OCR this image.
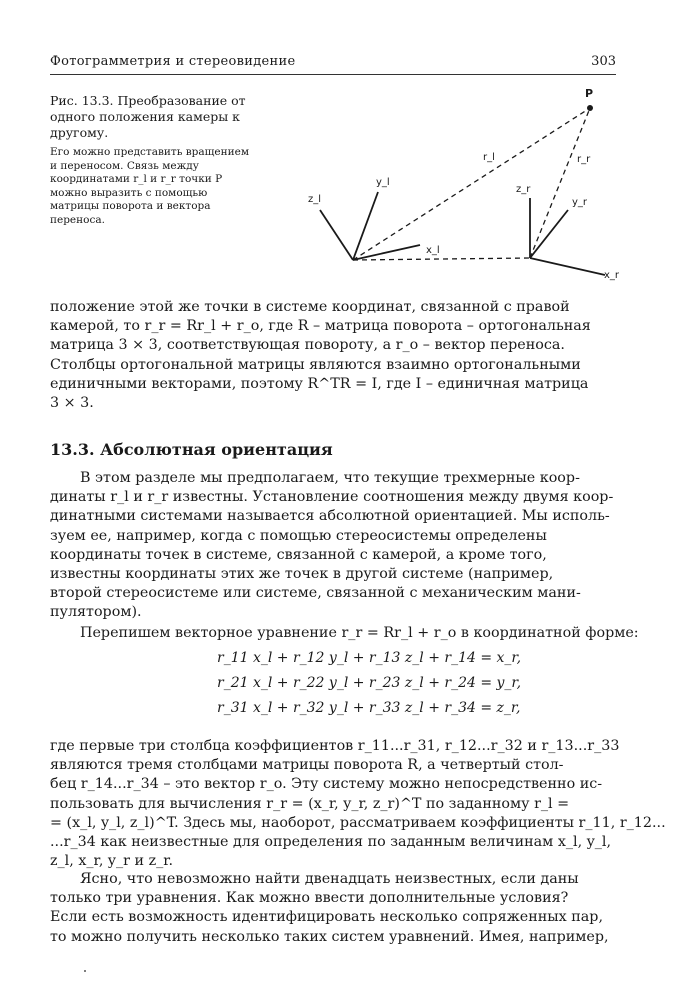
Фотограмметрия и стереовидение	303

Рис. 13.3. Преобразование от одного положения камеры к другому.

Его можно представить вращением и переносом. Связь между координатами r_l и r_r точки P можно выразить с помощью матрицы поворота и вектора переноса.

P
r_l	r_r
z_l
y_l
x_l
z_r
y_r
x_r
положение этой же точки в системе координат, связанной с правой
камерой, то r_r = Rr_l + r_o, где R – матрица поворота – ортогональная
матрица 3 × 3, соответствующая повороту, а r_o – вектор переноса.
Столбцы ортогональной матрицы являются взаимно ортогональными
единичными векторами, поэтому R^TR = I, где I – единичная матрица
3 × 3.
13.3. Абсолютная ориентация
В этом разделе мы предполагаем, что текущие трехмерные коор-
динаты r_l и r_r известны. Установление соотношения между двумя коор-
динатными системами называется абсолютной ориентацией. Мы исполь-
зуем ее, например, когда с помощью стереосистемы определены
координаты точек в системе, связанной с камерой, а кроме того,
известны координаты этих же точек в другой системе (например,
второй стереосистеме или системе, связанной с механическим мани-
пулятором).
Перепишем векторное уравнение r_r = Rr_l + r_o в координатной форме:
r_11 x_l + r_12 y_l + r_13 z_l + r_14 = x_r,
r_21 x_l + r_22 y_l + r_23 z_l + r_24 = y_r,
r_31 x_l + r_32 y_l + r_33 z_l + r_34 = z_r,
где первые три столбца коэффициентов r_11...r_31, r_12...r_32 и r_13...r_33
являются тремя столбцами матрицы поворота R, а четвертый стол-
бец r_14...r_34 – это вектор r_o. Эту систему можно непосредственно ис-
пользовать для вычисления r_r = (x_r, y_r, z_r)^T по заданному r_l =
= (x_l, y_l, z_l)^T. Здесь мы, наоборот, рассматриваем коэффициенты r_11, r_12...
...r_34 как неизвестные для определения по заданным величинам x_l, y_l,
z_l, x_r, y_r и z_r.
Ясно, что невозможно найти двенадцать неизвестных, если даны
только три уравнения. Как можно ввести дополнительные условия?
Если есть возможность идентифицировать несколько сопряженных пар,
то можно получить несколько таких систем уравнений. Имея, например,
